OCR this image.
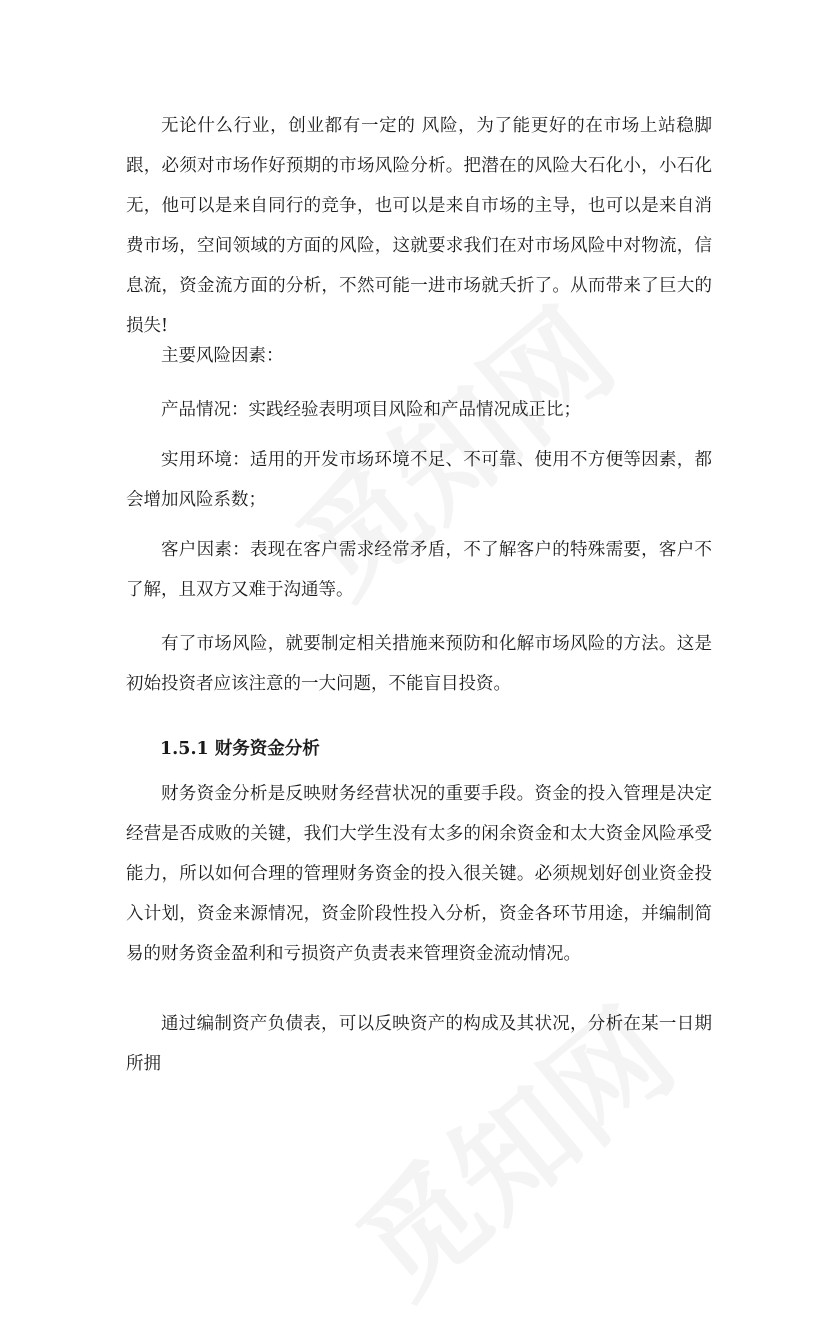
无论什么行业，创业都有一定的 风险，为了能更好的在市场上站稳脚跟，必须对市场作好预期的市场风险分析。把潜在的风险大石化小，小石化无，他可以是来自同行的竞争，也可以是来自市场的主导，也可以是来自消费市场，空间领域的方面的风险，这就要求我们在对市场风险中对物流，信息流，资金流方面的分析，不然可能一进市场就夭折了。从而带来了巨大的损失!

主要风险因素：

产品情况：实践经验表明项目风险和产品情况成正比；

实用环境：适用的开发市场环境不足、不可靠、使用不方便等因素，都会增加风险系数；

客户因素：表现在客户需求经常矛盾，不了解客户的特殊需要，客户不了解，且双方又难于沟通等。

有了市场风险，就要制定相关措施来预防和化解市场风险的方法。这是初始投资者应该注意的一大问题，不能盲目投资。

1.5.1 财务资金分析

财务资金分析是反映财务经营状况的重要手段。资金的投入管理是决定经营是否成败的关键，我们大学生没有太多的闲余资金和太大资金风险承受能力，所以如何合理的管理财务资金的投入很关键。必须规划好创业资金投入计划，资金来源情况，资金阶段性投入分析，资金各环节用途，并编制简易的财务资金盈利和亏损资产负责表来管理资金流动情况。

通过编制资产负债表，可以反映资产的构成及其状况，分析在某一日期所拥
